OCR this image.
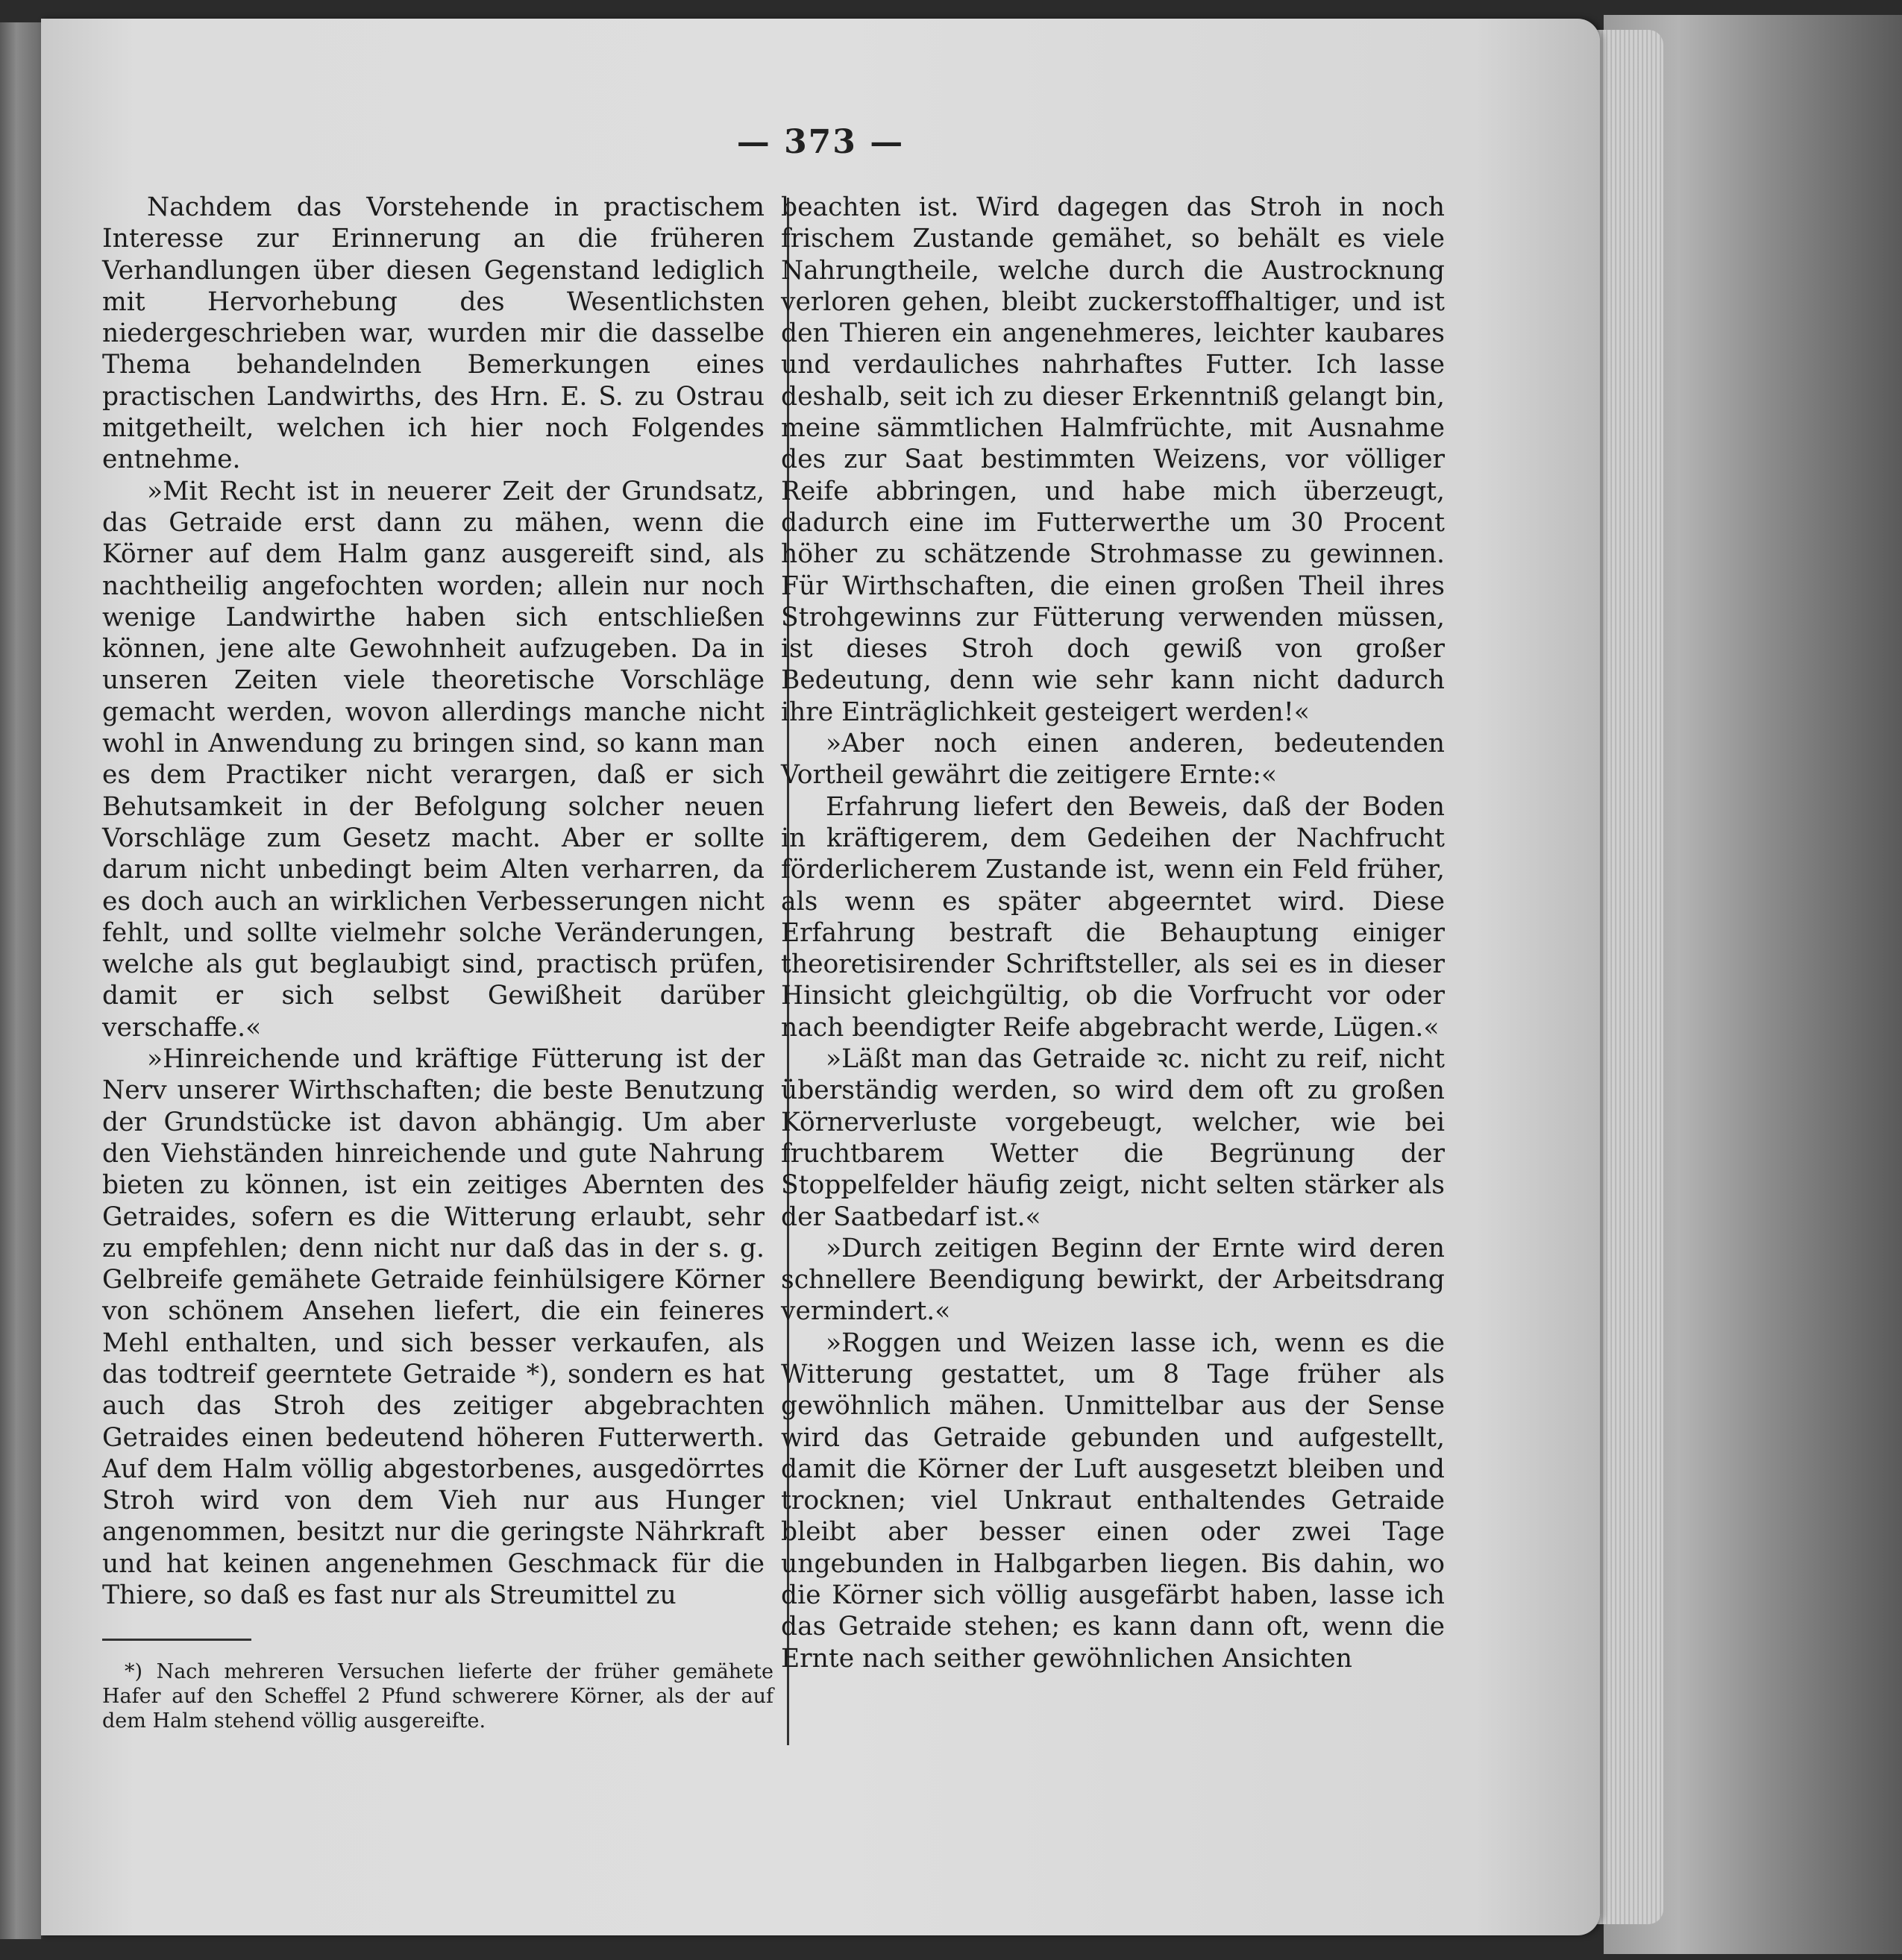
— 373 —

Nachdem das Vorstehende in practischem Interesse zur Erinnerung an die früheren Verhandlungen über diesen Gegenstand lediglich mit Hervorhebung des Wesentlichsten niedergeschrieben war, wurden mir die dasselbe Thema behandelnden Bemerkungen eines practischen Landwirths, des Hrn. E. S. zu Ostrau mitgetheilt, welchen ich hier noch Folgendes entnehme.

»Mit Recht ist in neuerer Zeit der Grundsatz, das Getraide erst dann zu mähen, wenn die Körner auf dem Halm ganz ausgereift sind, als nachtheilig angefochten worden; allein nur noch wenige Landwirthe haben sich entschließen können, jene alte Gewohnheit aufzugeben. Da in unseren Zeiten viele theoretische Vorschläge gemacht werden, wovon allerdings manche nicht wohl in Anwendung zu bringen sind, so kann man es dem Practiker nicht verargen, daß er sich Behutsamkeit in der Befolgung solcher neuen Vorschläge zum Gesetz macht. Aber er sollte darum nicht unbedingt beim Alten verharren, da es doch auch an wirklichen Verbesserungen nicht fehlt, und sollte vielmehr solche Veränderungen, welche als gut beglaubigt sind, practisch prüfen, damit er sich selbst Gewißheit darüber verschaffe.«

»Hinreichende und kräftige Fütterung ist der Nerv unserer Wirthschaften; die beste Benutzung der Grundstücke ist davon abhängig. Um aber den Viehständen hinreichende und gute Nahrung bieten zu können, ist ein zeitiges Abernten des Getraides, sofern es die Witterung erlaubt, sehr zu empfehlen; denn nicht nur daß das in der s. g. Gelbreife gemähete Getraide feinhülsigere Körner von schönem Ansehen liefert, die ein feineres Mehl enthalten, und sich besser verkaufen, als das todtreif geerntete Getraide *), sondern es hat auch das Stroh des zeitiger abgebrachten Getraides einen bedeutend höheren Futterwerth. Auf dem Halm völlig abgestorbenes, ausgedörrtes Stroh wird von dem Vieh nur aus Hunger angenommen, besitzt nur die geringste Nährkraft und hat keinen angenehmen Geschmack für die Thiere, so daß es fast nur als Streumittel zu

beachten ist. Wird dagegen das Stroh in noch frischem Zustande gemähet, so behält es viele Nahrungtheile, welche durch die Austrocknung verloren gehen, bleibt zuckerstoffhaltiger, und ist den Thieren ein angenehmeres, leichter kaubares und verdauliches nahrhaftes Futter. Ich lasse deshalb, seit ich zu dieser Erkenntniß gelangt bin, meine sämmtlichen Halmfrüchte, mit Ausnahme des zur Saat bestimmten Weizens, vor völliger Reife abbringen, und habe mich überzeugt, dadurch eine im Futterwerthe um 30 Procent höher zu schätzende Strohmasse zu gewinnen. Für Wirthschaften, die einen großen Theil ihres Strohgewinns zur Fütterung verwenden müssen, ist dieses Stroh doch gewiß von großer Bedeutung, denn wie sehr kann nicht dadurch ihre Einträglichkeit gesteigert werden!«

»Aber noch einen anderen, bedeutenden Vortheil gewährt die zeitigere Ernte:«

Erfahrung liefert den Beweis, daß der Boden in kräftigerem, dem Gedeihen der Nachfrucht förderlicherem Zustande ist, wenn ein Feld früher, als wenn es später abgeerntet wird. Diese Erfahrung bestraft die Behauptung einiger theoretisirender Schriftsteller, als sei es in dieser Hinsicht gleichgültig, ob die Vorfrucht vor oder nach beendigter Reife abgebracht werde, Lügen.«

»Läßt man das Getraide ꝛc. nicht zu reif, nicht überständig werden, so wird dem oft zu großen Körnerverluste vorgebeugt, welcher, wie bei fruchtbarem Wetter die Begrünung der Stoppelfelder häufig zeigt, nicht selten stärker als der Saatbedarf ist.«

»Durch zeitigen Beginn der Ernte wird deren schnellere Beendigung bewirkt, der Arbeitsdrang vermindert.«

»Roggen und Weizen lasse ich, wenn es die Witterung gestattet, um 8 Tage früher als gewöhnlich mähen. Unmittelbar aus der Sense wird das Getraide gebunden und aufgestellt, damit die Körner der Luft ausgesetzt bleiben und trocknen; viel Unkraut enthaltendes Getraide bleibt aber besser einen oder zwei Tage ungebunden in Halbgarben liegen. Bis dahin, wo die Körner sich völlig ausgefärbt haben, lasse ich das Getraide stehen; es kann dann oft, wenn die Ernte nach seither gewöhnlichen Ansichten

*) Nach mehreren Versuchen lieferte der früher gemähete Hafer auf den Scheffel 2 Pfund schwerere Körner, als der auf dem Halm stehend völlig ausgereifte.
